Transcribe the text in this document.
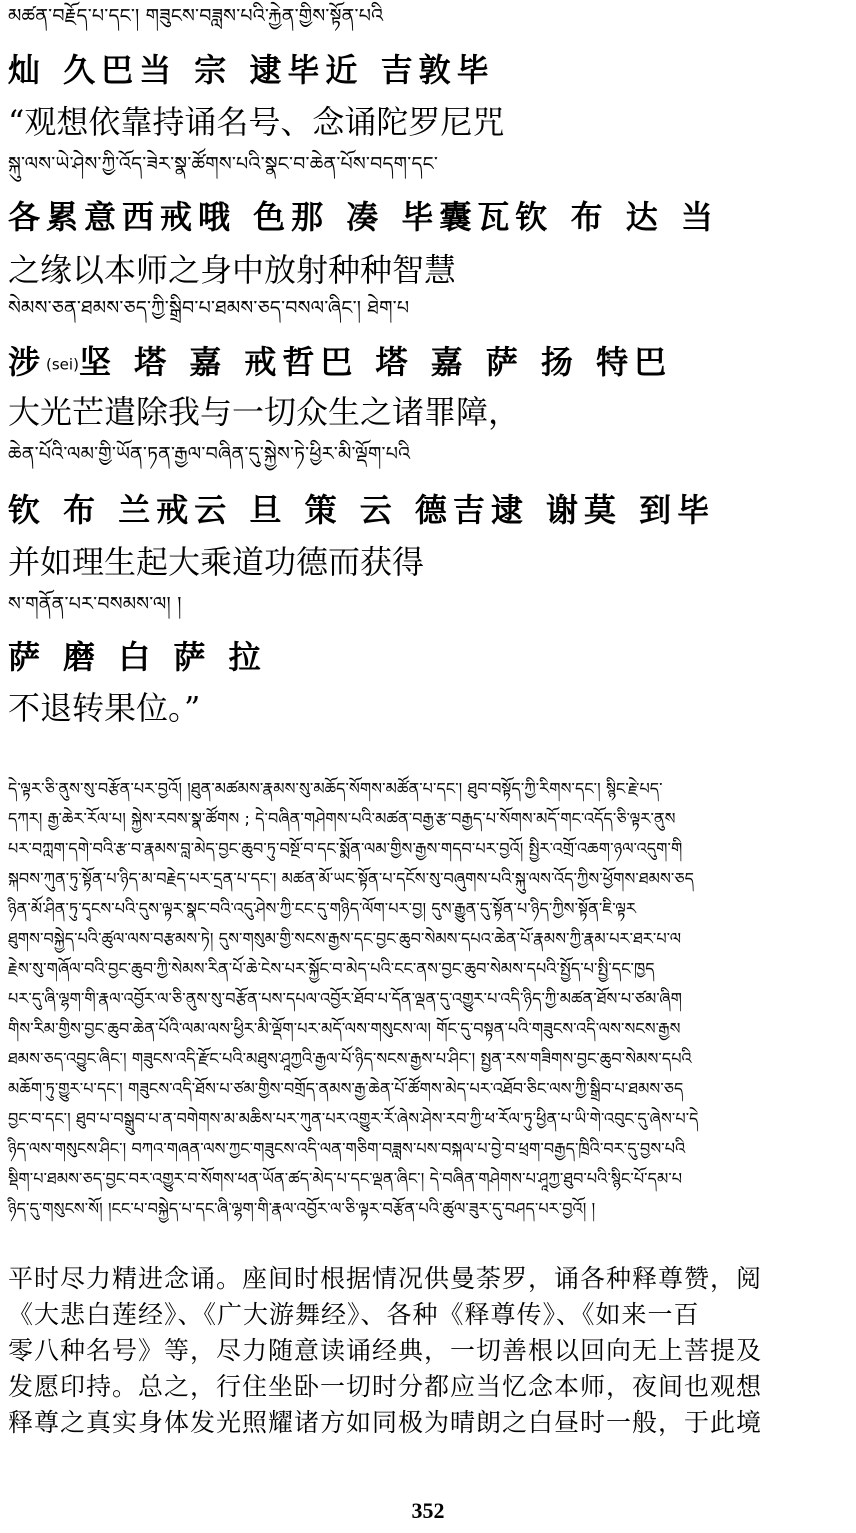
མཚན་བརྗོད་པ་དང་། གཟུངས་བཟླས་པའི་རྐྱེན་གྱིས་སྟོན་པའི
灿 久巴当 宗 逮毕近 吉敦毕
“观想依靠持诵名号、念诵陀罗尼咒
སྐུ་ལས་ཡེ་ཤེས་ཀྱི་འོད་ཟེར་སྣ་ཚོགས་པའི་སྣང་བ་ཆེན་པོས་བདག་དང་
各累意西戒哦 色那 凑 毕囊瓦钦 布 达 当
之缘以本师之身中放射种种智慧
སེམས་ཅན་ཐམས་ཅད་ཀྱི་སྒྲིབ་པ་ཐམས་ཅད་བསལ་ཞིང་། ཐེག་པ
涉(sei)坚 塔 嘉 戒哲巴 塔 嘉 萨 扬 特巴
大光芒遣除我与一切众生之诸罪障，
ཆེན་པོའི་ལམ་གྱི་ཡོན་ཏན་རྒྱལ་བཞིན་དུ་སྐྱེས་ཏེ་ཕྱིར་མི་ལྡོག་པའི
钦 布 兰戒云 旦 策 云 德吉逮 谢莫 到毕
并如理生起大乘道功德而获得
ས་གནོན་པར་བསམས་ལ། །
萨 磨 白 萨 拉
不退转果位。”
དེ་ལྟར་ཅི་ནུས་སུ་བརྩོན་པར་བྱའོ། །ཐུན་མཚམས་རྣམས་སུ་མཆོད་སོགས་མཚོན་པ་དང་། ཐུབ་བསྟོད་ཀྱི་རིགས་དང་། སྙིང་རྗེ་པད་
དཀར། རྒྱ་ཆེར་རོལ་པ། སྐྱེས་རབས་སྣ་ཚོགས ; དེ་བཞིན་གཤེགས་པའི་མཚན་བརྒྱ་རྩ་བརྒྱད་པ་སོགས་མདོ་གང་འདོད་ཅི་ལྟར་ནུས
པར་བཀླག་དགེ་བའི་རྩ་བ་རྣམས་བླ་མེད་བྱང་ཆུབ་ཏུ་བསྔོ་བ་དང་སྨོན་ལམ་གྱིས་རྒྱས་གདབ་པར་བྱའོ། སྤྱིར་འགྲོ་འཆག་ཉལ་འདུག་གི
སྐབས་ཀུན་ཏུ་སྟོན་པ་ཉིད་མ་བརྗེད་པར་དྲན་པ་དང་། མཚན་མོ་ཡང་སྟོན་པ་དངོས་སུ་བཞུགས་པའི་སྐུ་ལས་འོད་ཀྱིས་ཕྱོགས་ཐམས་ཅད
ཉིན་མོ་ཤིན་ཏུ་དྭངས་པའི་དུས་ལྟར་སྣང་བའི་འདུ་ཤེས་ཀྱི་ངང་དུ་གཉིད་ལོག་པར་བྱ། དུས་རྒྱུན་དུ་སྟོན་པ་ཉིད་ཀྱིས་སྟོན་ཇི་ལྟར
ཐུགས་བསྐྱེད་པའི་ཚུལ་ལས་བརྩམས་ཏེ། དུས་གསུམ་གྱི་སངས་རྒྱས་དང་བྱང་ཆུབ་སེམས་དཔའ་ཆེན་པོ་རྣམས་ཀྱི་རྣམ་པར་ཐར་པ་ལ
རྗེས་སུ་གཞོལ་བའི་བྱང་ཆུབ་ཀྱི་སེམས་རིན་པོ་ཆེ་ངེས་པར་སྐྱོང་བ་མེད་པའི་ངང་ནས་བྱང་ཆུབ་སེམས་དཔའི་སྤྱོད་པ་སྤྱི་དང་ཁྱད
པར་དུ་ཞི་ལྷག་གི་རྣལ་འབྱོར་ལ་ཅི་ནུས་སུ་བརྩོན་པས་དཔལ་འབྱོར་ཐོབ་པ་དོན་ལྡན་དུ་འགྱུར་པ་འདི་ཉིད་ཀྱི་མཚན་ཐོས་པ་ཙམ་ཞིག
གིས་རིམ་གྱིས་བྱང་ཆུབ་ཆེན་པོའི་ལམ་ལས་ཕྱིར་མི་ལྡོག་པར་མདོ་ལས་གསུངས་ལ། གོང་དུ་བསྟན་པའི་གཟུངས་འདི་ལས་སངས་རྒྱས
ཐམས་ཅད་འབྱུང་ཞིང་། གཟུངས་འདི་རྫོང་པའི་མཐུས་ཤཱཀྱའི་རྒྱལ་པོ་ཉིད་སངས་རྒྱས་པ་ཤིང་། སྤྱན་རས་གཟིགས་བྱང་ཆུབ་སེམས་དཔའི
མཆོག་ཏུ་གྱུར་པ་དང་། གཟུངས་འདི་ཐོས་པ་ཙམ་གྱིས་བགྲོད་ནམས་རྒྱ་ཆེན་པོ་ཚོགས་མེད་པར་འཐོབ་ཅིང་ལས་ཀྱི་སྒྲིབ་པ་ཐམས་ཅད
བྱང་བ་དང་། ཐུབ་པ་བསྒྲུབ་པ་ན་བགེགས་མ་མཆིས་པར་ཀུན་པར་འགྱུར་རོ་ཞེས་ཤེས་རབ་ཀྱི་ཕ་རོལ་ཏུ་ཕྱིན་པ་ཡི་གེ་འབུང་དུ་ཞེས་པ་དེ
ཉིད་ལས་གསུངས་ཤིང་། བཀའ་གཞན་ལས་ཀྱང་གཟུངས་འདི་ལན་གཅིག་བཟླས་པས་བསྐལ་པ་བྱེ་བ་ཕྲག་བརྒྱད་ཁྲིའི་བར་དུ་བྱས་པའི
སྡིག་པ་ཐམས་ཅད་བྱང་བར་འགྱུར་བ་སོགས་ཕན་ཡོན་ཚད་མེད་པ་དང་ལྡན་ཞིང་། དེ་བཞིན་གཤེགས་པ་ཤཱཀྱ་ཐུབ་པའི་སྙིང་པོ་དམ་པ
ཉིད་དུ་གསུངས་སོ། །ངང་པ་བསྐྱེད་པ་དང་ཞི་ལྷག་གི་རྣལ་འབྱོར་ལ་ཅི་ལྟར་བརྩོན་པའི་ཚུལ་ཟུར་དུ་བཤད་པར་བྱའོ། །
平时尽力精进念诵。座间时根据情况供曼荼罗，诵各种释尊赞，阅
《大悲白莲经》、《广大游舞经》、各种《释尊传》、《如来一百
零八种名号》等，尽力随意读诵经典，一切善根以回向无上菩提及
发愿印持。总之，行住坐卧一切时分都应当忆念本师，夜间也观想
释尊之真实身体发光照耀诸方如同极为晴朗之白昼时一般，于此境
352
